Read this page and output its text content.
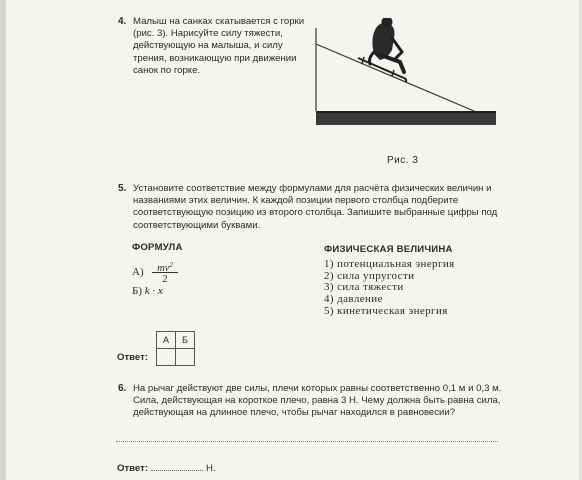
4. Малыш на санках скатывается с горки (рис. 3). Нарисуйте силу тяжести, действующую на малыша, и силу трения, возникающую при движении санок по горке.
Рис. 3
5. Установите соответствие между формулами для расчёта физических величин и названиями этих величин. К каждой позиции первого столбца подберите соответствующую позицию из второго столбца. Запишите выбранные цифры под соответствующими буквами.
ФОРМУЛА	ФИЗИЧЕСКАЯ ВЕЛИЧИНА
А)	$mv^2$
2
Б) k · x
1) потенциальная энергия
2) сила упругости
3) сила тяжести
4) давление
5) кинетическая энергия
А	Б

Ответ:
6. На рычаг действуют две силы, плечи которых равны соответственно 0,1 м и 0,3 м. Сила, действующая на короткое плечо, равна 3 Н. Чему должна быть равна сила, действующая на длинное плечо, чтобы рычаг находился в равновесии?
Ответ:	Н.
